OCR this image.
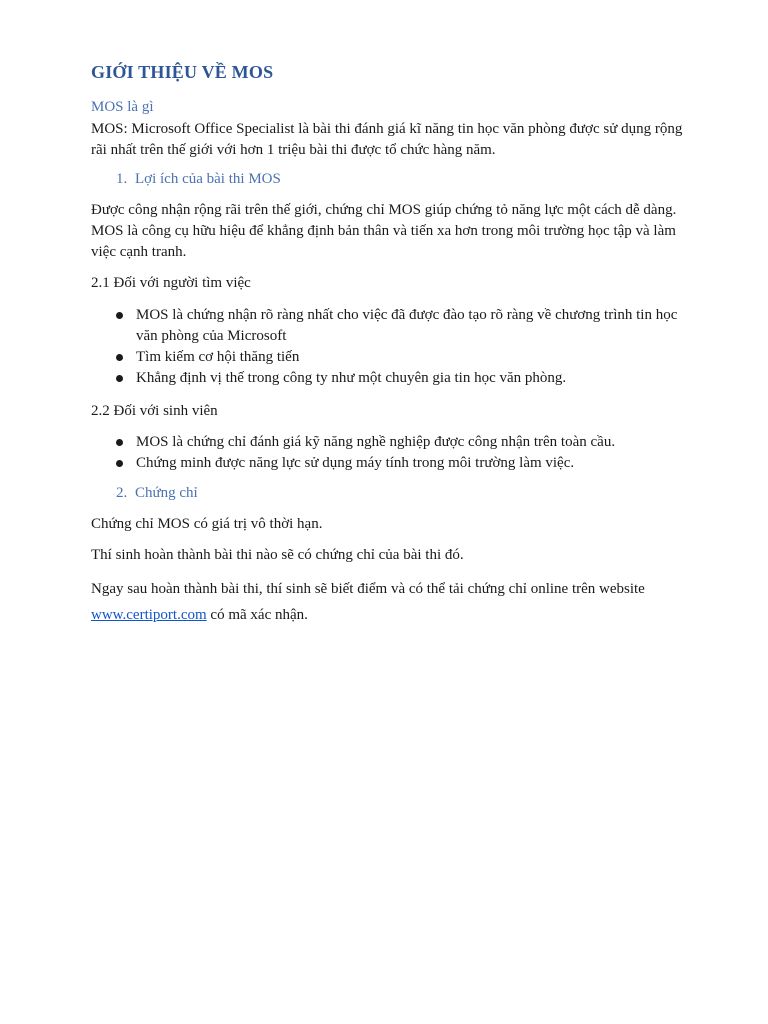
GIỚI THIỆU VỀ MOS
MOS là gì
MOS: Microsoft Office Specialist là bài thi đánh giá kĩ năng tin học văn phòng được sử dụng rộng rãi nhất trên thế giới với hơn 1 triệu bài thi được tổ chức hàng năm.
1. Lợi ích của bài thi MOS
Được công nhận rộng rãi trên thế giới, chứng chỉ MOS giúp chứng tỏ năng lực một cách dễ dàng. MOS là công cụ hữu hiệu để khẳng định bản thân và tiến xa hơn trong môi trường học tập và làm việc cạnh tranh.
2.1 Đối với người tìm việc
MOS là chứng nhận rõ ràng nhất cho việc đã được đào tạo rõ ràng về chương trình tin học văn phòng của Microsoft
Tìm kiếm cơ hội thăng tiến
Khẳng định vị thế trong công ty như một chuyên gia tin học văn phòng.
2.2 Đối với sinh viên
MOS là chứng chỉ đánh giá kỹ năng nghề nghiệp được công nhận trên toàn cầu.
Chứng minh được năng lực sử dụng máy tính trong môi trường làm việc.
2. Chứng chỉ
Chứng chỉ MOS có giá trị vô thời hạn.
Thí sinh hoàn thành bài thi nào sẽ có chứng chỉ của bài thi đó.
Ngay sau hoàn thành bài thi, thí sinh sẽ biết điểm và có thể tải chứng chỉ online trên website www.certiport.com có mã xác nhận.
